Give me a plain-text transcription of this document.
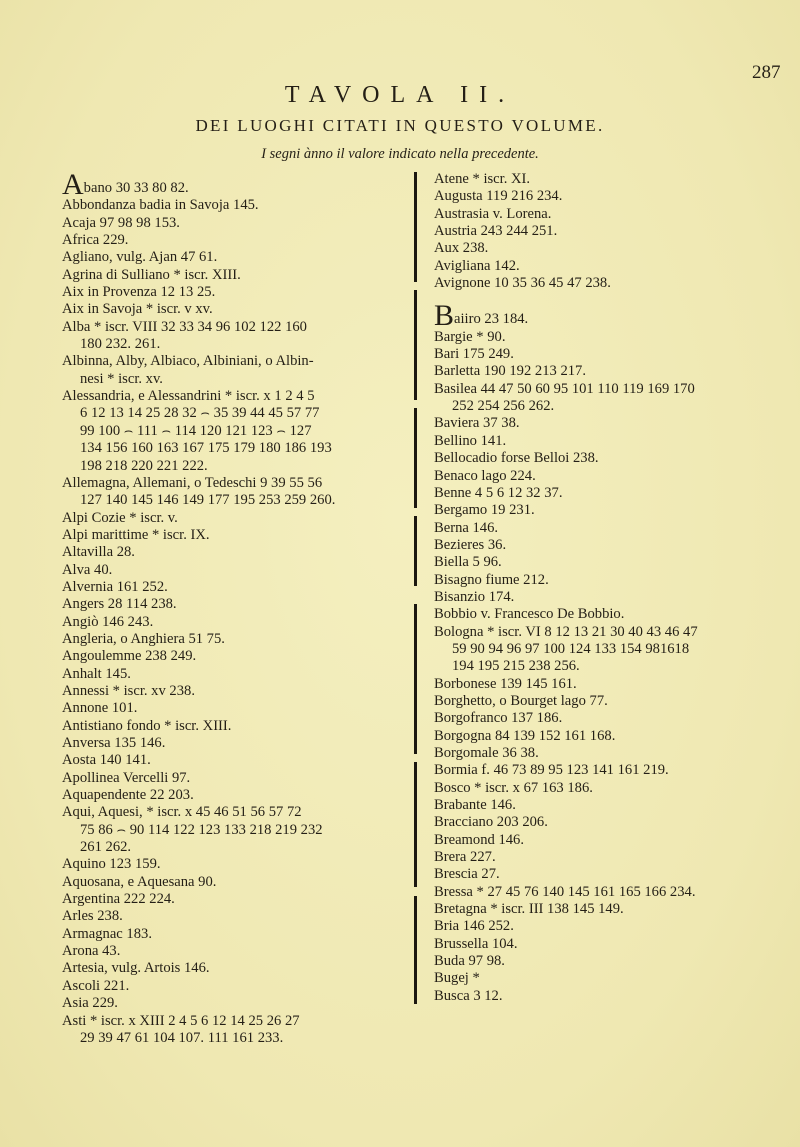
287
TAVOLA II.
DEI LUOGHI CITATI IN QUESTO VOLUME.
I segni ànno il valore indicato nella precedente.
Abano 30 33 80 82.
Abbondanza badia in Savoja 145.
Acaja 97 98 98 153.
Africa 229.
Agliano, vulg. Ajan 47 61.
Agrina di Sulliano * iscr. XIII.
Aix in Provenza 12 13 25.
Aix in Savoja * iscr. v xv.
Alba * iscr. VIII 32 33 34 96 102 122 160
180 232. 261.
Albinna, Alby, Albiaco, Albiniani, o Albin-
nesi * iscr. xv.
Alessandria, e Alessandrini * iscr. x 1 2 4 5
6 12 13 14 25 28 32 ⌢ 35 39 44 45 57 77
99 100 ⌢ 111 ⌢ 114 120 121 123 ⌢ 127
134 156 160 163 167 175 179 180 186 193
198 218 220 221 222.
Allemagna, Allemani, o Tedeschi 9 39 55 56
127 140 145 146 149 177 195 253 259 260.
Alpi Cozie * iscr. v.
Alpi marittime * iscr. IX.
Altavilla 28.
Alva 40.
Alvernia 161 252.
Angers 28 114 238.
Angiò 146 243.
Angleria, o Anghiera 51 75.
Angoulemme 238 249.
Anhalt 145.
Annessi * iscr. xv 238.
Annone 101.
Antistiano fondo * iscr. XIII.
Anversa 135 146.
Aosta 140 141.
Apollinea Vercelli 97.
Aquapendente 22 203.
Aqui, Aquesi, * iscr. x 45 46 51 56 57 72
75 86 ⌢ 90 114 122 123 133 218 219 232
261 262.
Aquino 123 159.
Aquosana, e Aquesana 90.
Argentina 222 224.
Arles 238.
Armagnac 183.
Arona 43.
Artesia, vulg. Artois 146.
Ascoli 221.
Asia 229.
Asti * iscr. x XIII 2 4 5 6 12 14 25 26 27
29 39 47 61 104 107. 111 161 233.
Atene * iscr. XI.
Augusta 119 216 234.
Austrasia v. Lorena.
Austria 243 244 251.
Aux 238.
Avigliana 142.
Avignone 10 35 36 45 47 238.
Baiiro 23 184.
Bargie * 90.
Bari 175 249.
Barletta 190 192 213 217.
Basilea 44 47 50 60 95 101 110 119 169 170
252 254 256 262.
Baviera 37 38.
Bellino 141.
Bellocadio forse Belloi 238.
Benaco lago 224.
Benne 4 5 6 12 32 37.
Bergamo 19 231.
Berna 146.
Bezieres 36.
Biella 5 96.
Bisagno fiume 212.
Bisanzio 174.
Bobbio v. Francesco De Bobbio.
Bologna * iscr. VI 8 12 13 21 30 40 43 46 47
59 90 94 96 97 100 124 133 154 981618
194 195 215 238 256.
Borbonese 139 145 161.
Borghetto, o Bourget lago 77.
Borgofranco 137 186.
Borgogna 84 139 152 161 168.
Borgomale 36 38.
Bormia f. 46 73 89 95 123 141 161 219.
Bosco * iscr. x 67 163 186.
Brabante 146.
Bracciano 203 206.
Breamond 146.
Brera 227.
Brescia 27.
Bressa * 27 45 76 140 145 161 165 166 234.
Bretagna * iscr. III 138 145 149.
Bria 146 252.
Brussella 104.
Buda 97 98.
Bugej *
Busca 3 12.
